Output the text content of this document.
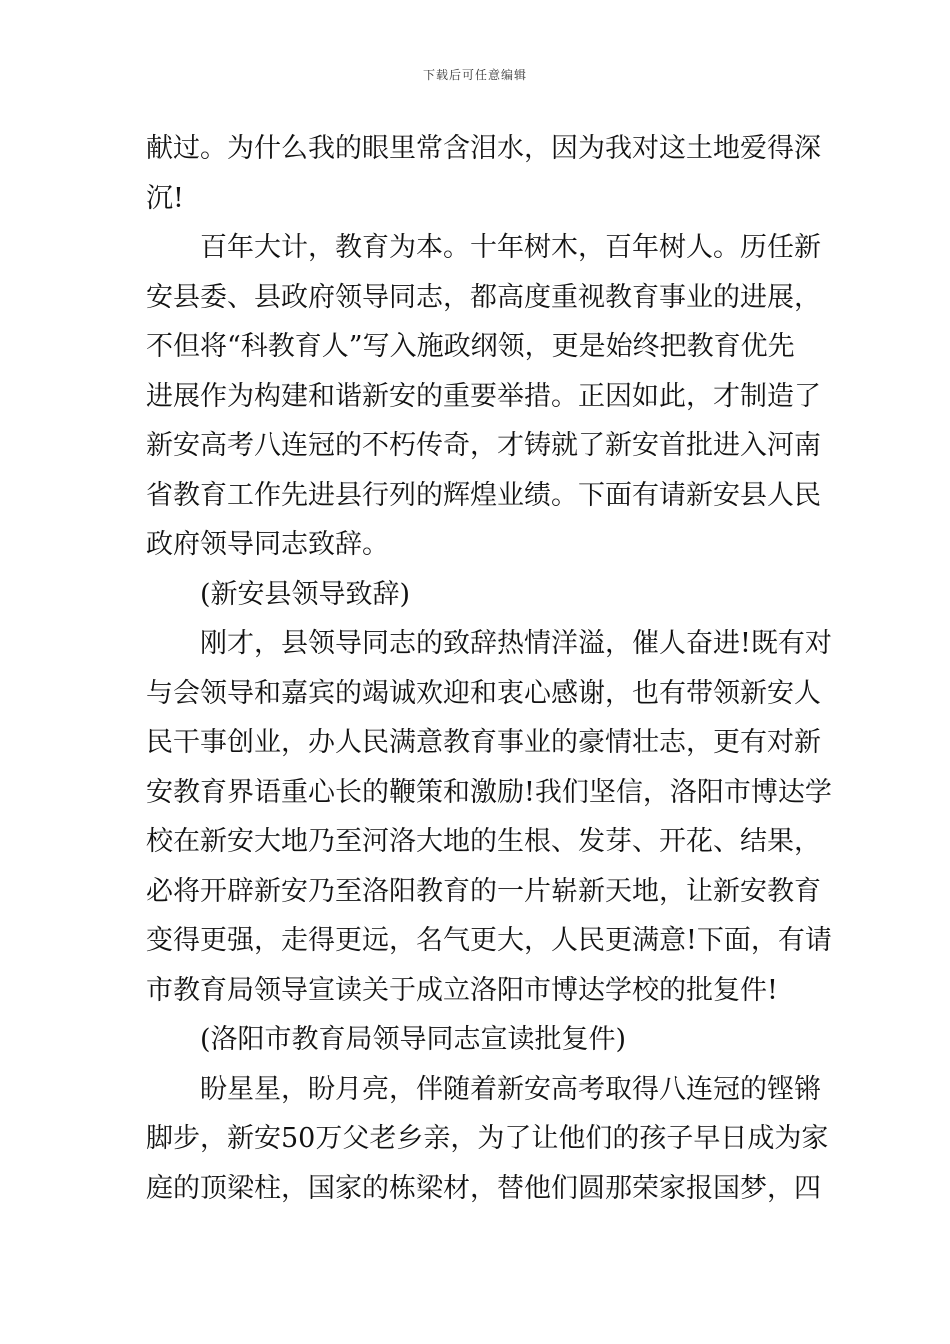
下载后可任意编辑

献过。为什么我的眼里常含泪水，因为我对这土地爱得深
沉!

百年大计，教育为本。十年树木，百年树人。历任新
安县委、县政府领导同志，都高度重视教育事业的进展，
不但将“科教育人”写入施政纲领，更是始终把教育优先
进展作为构建和谐新安的重要举措。正因如此，才制造了
新安高考八连冠的不朽传奇，才铸就了新安首批进入河南
省教育工作先进县行列的辉煌业绩。下面有请新安县人民
政府领导同志致辞。

(新安县领导致辞)

刚才，县领导同志的致辞热情洋溢，催人奋进!既有对
与会领导和嘉宾的竭诚欢迎和衷心感谢，也有带领新安人
民干事创业，办人民满意教育事业的豪情壮志，更有对新
安教育界语重心长的鞭策和激励!我们坚信，洛阳市博达学
校在新安大地乃至河洛大地的生根、发芽、开花、结果，
必将开辟新安乃至洛阳教育的一片崭新天地，让新安教育
变得更强，走得更远，名气更大，人民更满意!下面，有请
市教育局领导宣读关于成立洛阳市博达学校的批复件!

(洛阳市教育局领导同志宣读批复件)

盼星星，盼月亮，伴随着新安高考取得八连冠的铿锵
脚步，新安50万父老乡亲，为了让他们的孩子早日成为家
庭的顶梁柱，国家的栋梁材，替他们圆那荣家报国梦，四
